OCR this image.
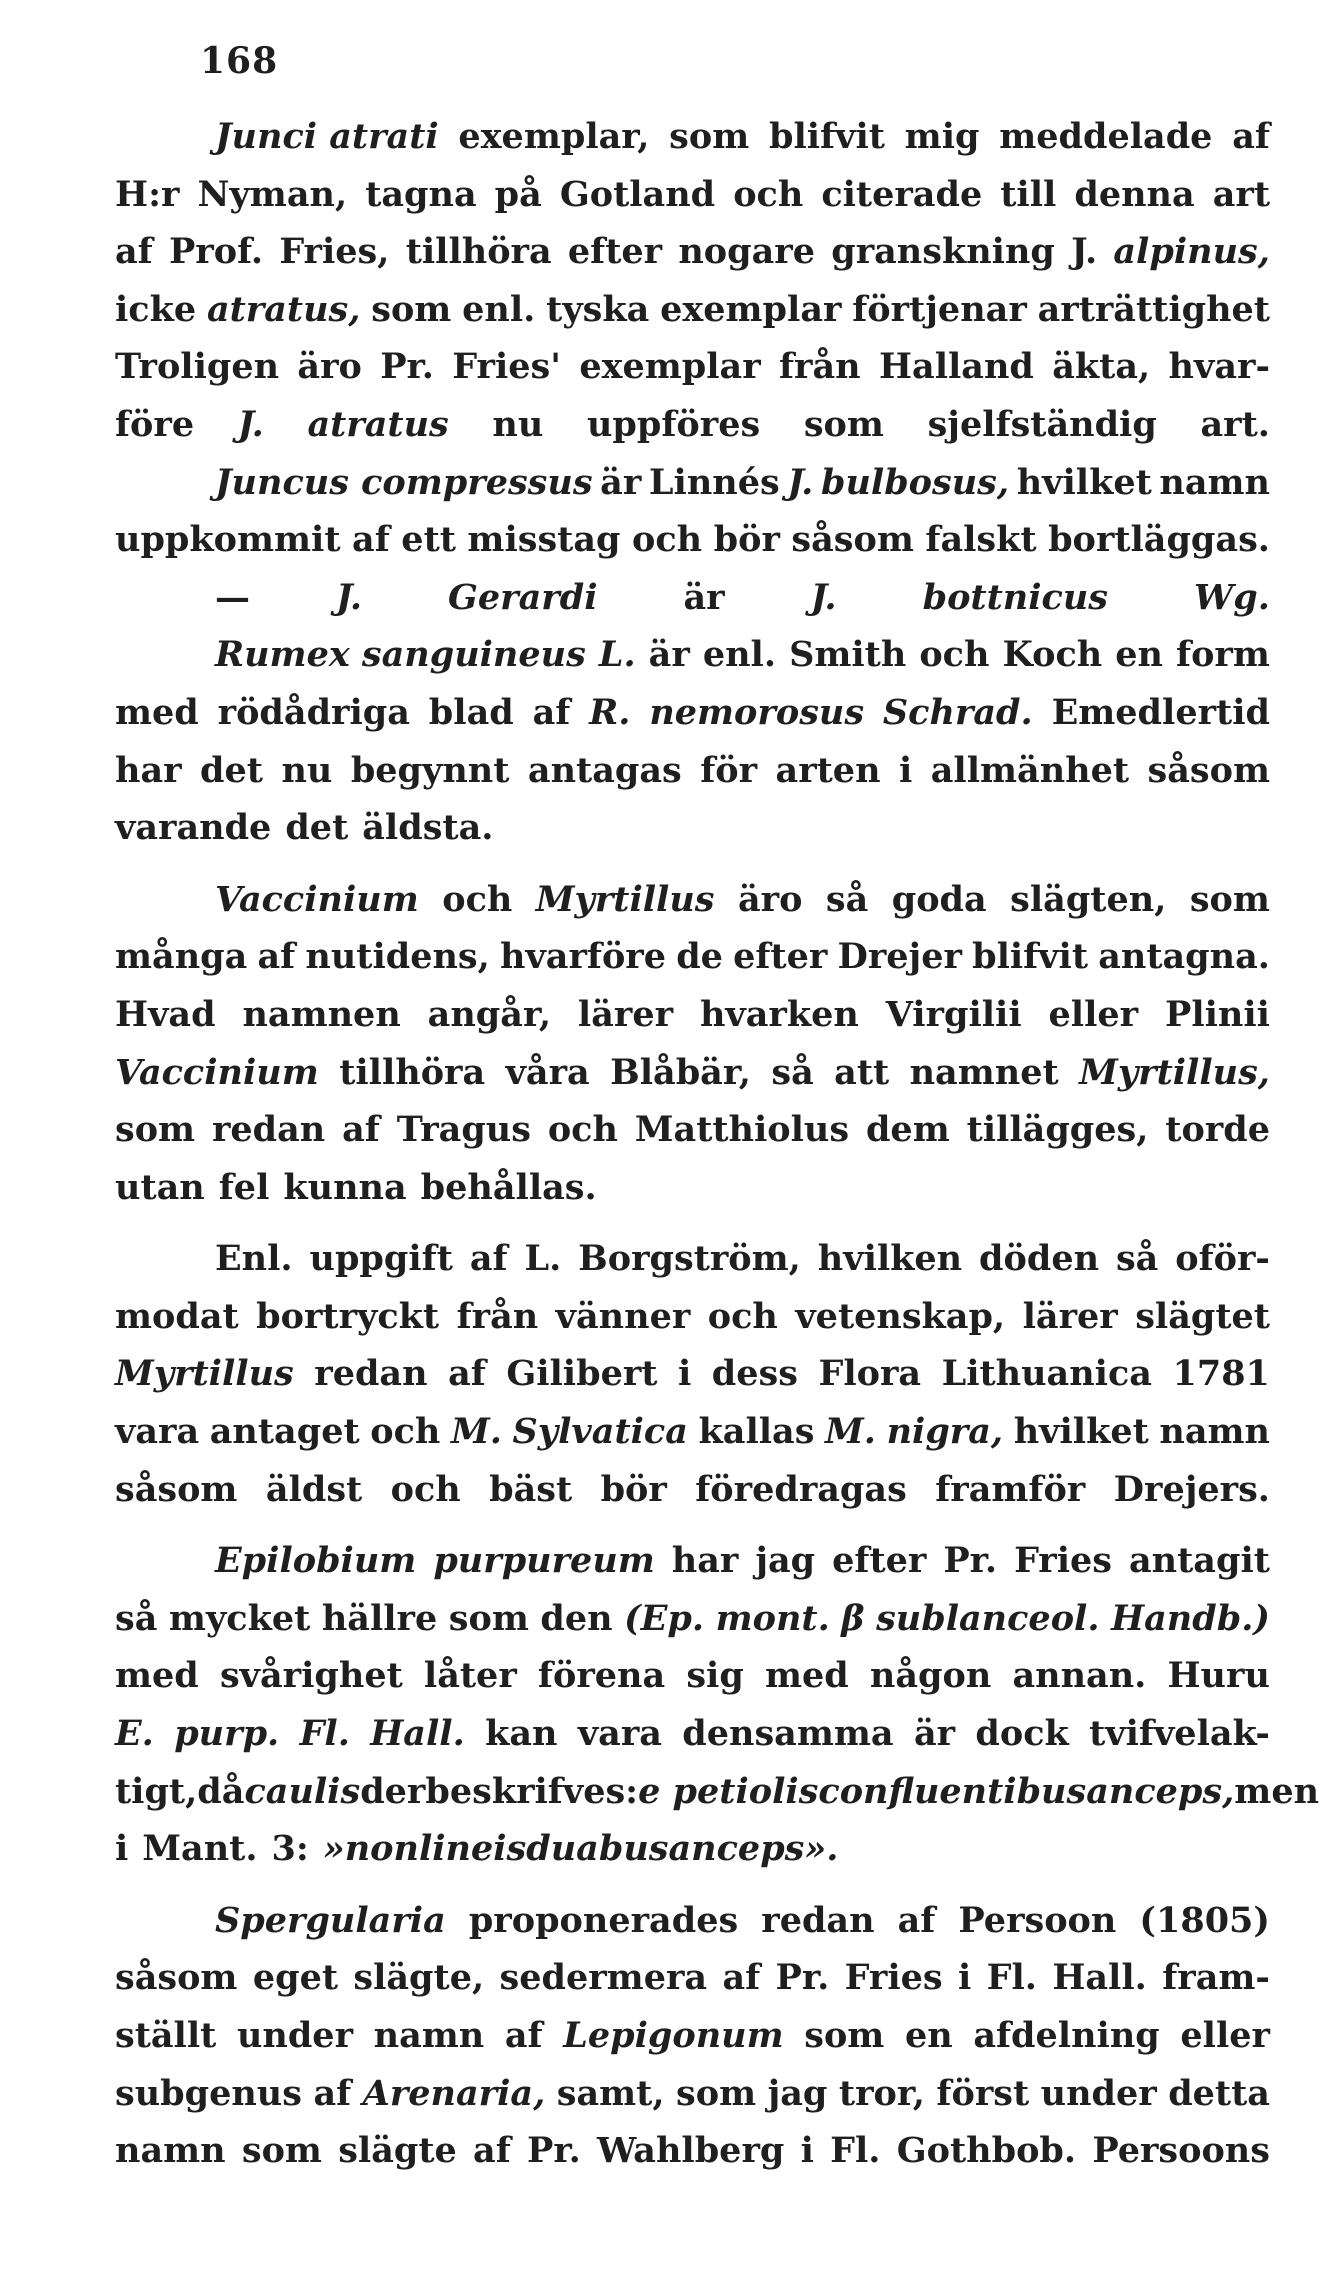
168
Junci atrati exemplar, som blifvit mig meddelade af
H:r Nyman, tagna på Gotland och citerade till denna art
af Prof. Fries, tillhöra efter nogare granskning J. alpinus,
icke atratus, som enl. tyska exemplar förtjenar arträttighet
Troligen äro Pr. Fries' exemplar från Halland äkta, hvar-
före J. atratus nu uppföres som sjelfständig art.
Juncus compressus är Linnés J. bulbosus, hvilket namn
uppkommit af ett misstag och bör såsom falskt bortläggas.
— J. Gerardi är J. bottnicus Wg.
Rumex sanguineus L. är enl. Smith och Koch en form
med rödådriga blad af R. nemorosus Schrad. Emedlertid
har det nu begynnt antagas för arten i allmänhet såsom
varande det äldsta.
Vaccinium och Myrtillus äro så goda slägten, som
många af nutidens, hvarföre de efter Drejer blifvit antagna.
Hvad namnen angår, lärer hvarken Virgilii eller Plinii
Vaccinium tillhöra våra Blåbär, så att namnet Myrtillus,
som redan af Tragus och Matthiolus dem tillägges, torde
utan fel kunna behållas.
Enl. uppgift af L. Borgström, hvilken döden så oför-
modat bortryckt från vänner och vetenskap, lärer slägtet
Myrtillus redan af Gilibert i dess Flora Lithuanica 1781
vara antaget och M. Sylvatica kallas M. nigra, hvilket namn
såsom äldst och bäst bör föredragas framför Drejers.
Epilobium purpureum har jag efter Pr. Fries antagit
så mycket hällre som den (Ep. mont. β sublanceol. Handb.)
med svårighet låter förena sig med någon annan. Huru
E. purp. Fl. Hall. kan vara densamma är dock tvifvelak-
tigt, då caulis der beskrifves: e petiolis confluentibus anceps, men
i Mant. 3: »non lineis duabus anceps».
Spergularia proponerades redan af Persoon (1805)
såsom eget slägte, sedermera af Pr. Fries i Fl. Hall. fram-
ställt under namn af Lepigonum som en afdelning eller
subgenus af Arenaria, samt, som jag tror, först under detta
namn som slägte af Pr. Wahlberg i Fl. Gothbob. Persoons
